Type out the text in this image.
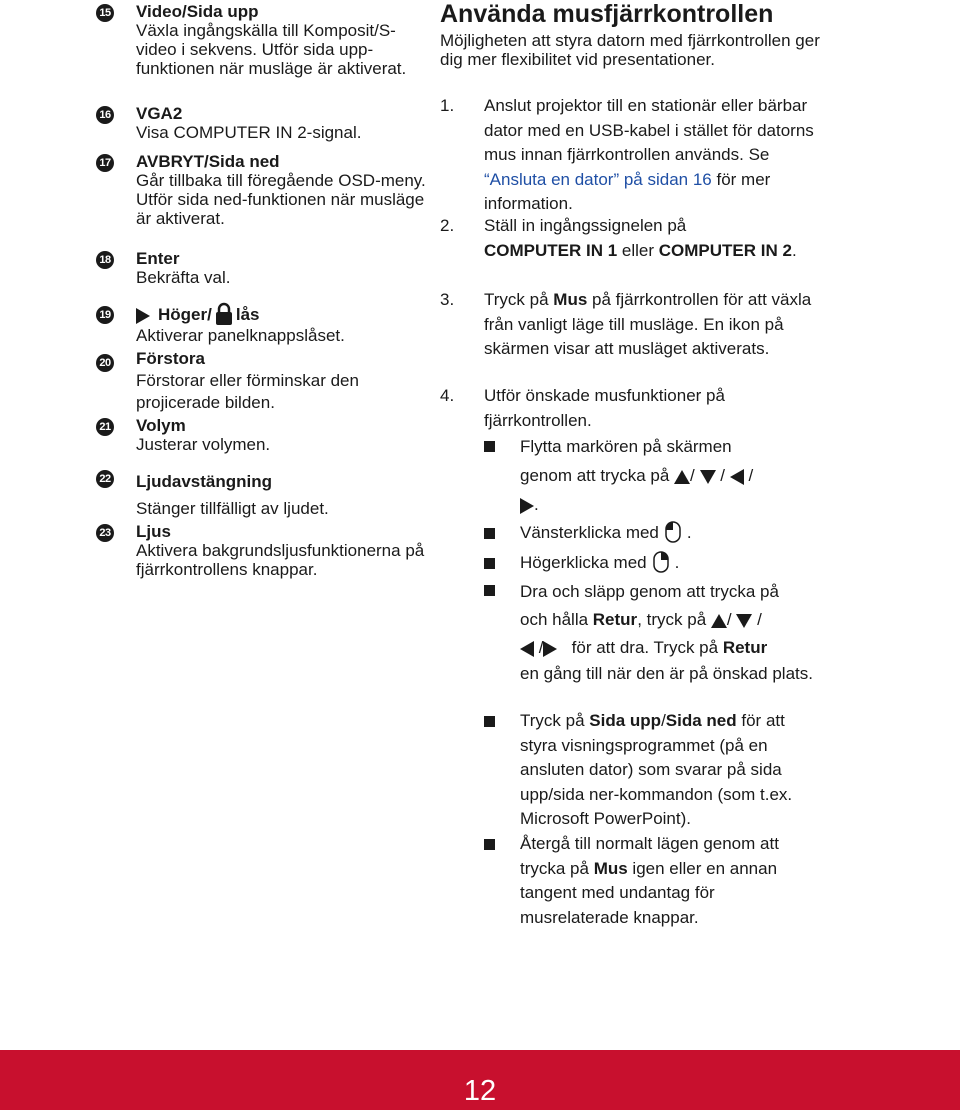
15 Video/Sida upp
Växla ingångskälla till Komposit/S-video i sekvens. Utför sida upp-funktionen när musläge är aktiverat.
16 VGA2
Visa COMPUTER IN 2-signal.
17 AVBRYT/Sida ned
Går tillbaka till föregående OSD-meny. Utför sida ned-funktionen när musläge är aktiverat.
18 Enter
Bekräfta val.
19	Höger/ lås
Aktiverar panelknappslåset.
20 Förstora
Förstorar eller förminskar den projicerade bilden.
21 Volym
Justerar volymen.
22 Ljudavstängning
Stänger tillfälligt av ljudet.
23 Ljus
Aktivera bakgrundsljusfunktionerna på fjärrkontrollens knappar.
Använda musfjärrkontrollen
Möjligheten att styra datorn med fjärrkontrollen ger dig mer flexibilitet vid presentationer.
1. Anslut projektor till en stationär eller bärbar dator med en USB-kabel i stället för datorns mus innan fjärrkontrollen används. Se “Ansluta en dator” på sidan 16 för mer information.
2. Ställ in ingångssignelen på
COMPUTER IN 1 eller COMPUTER IN 2.
3. Tryck på Mus på fjärrkontrollen för att växla från vanligt läge till musläge. En ikon på skärmen visar att musläget aktiverats.
4. Utför önskade musfunktioner på fjärrkontrollen.
Flytta markören på skärmen
genom att trycka på / / /
.
Vänsterklicka med .
Högerklicka med .
Dra och släpp genom att trycka på
och hålla Retur, tryck på / /
/ för att dra. Tryck på Retur
en gång till när den är på önskad plats.
Tryck på Sida upp/Sida ned för att styra visningsprogrammet (på en ansluten dator) som svarar på sida upp/sida ner-kommandon (som t.ex. Microsoft PowerPoint).
Återgå till normalt lägen genom att trycka på Mus igen eller en annan tangent med undantag för musrelaterade knappar.
12
